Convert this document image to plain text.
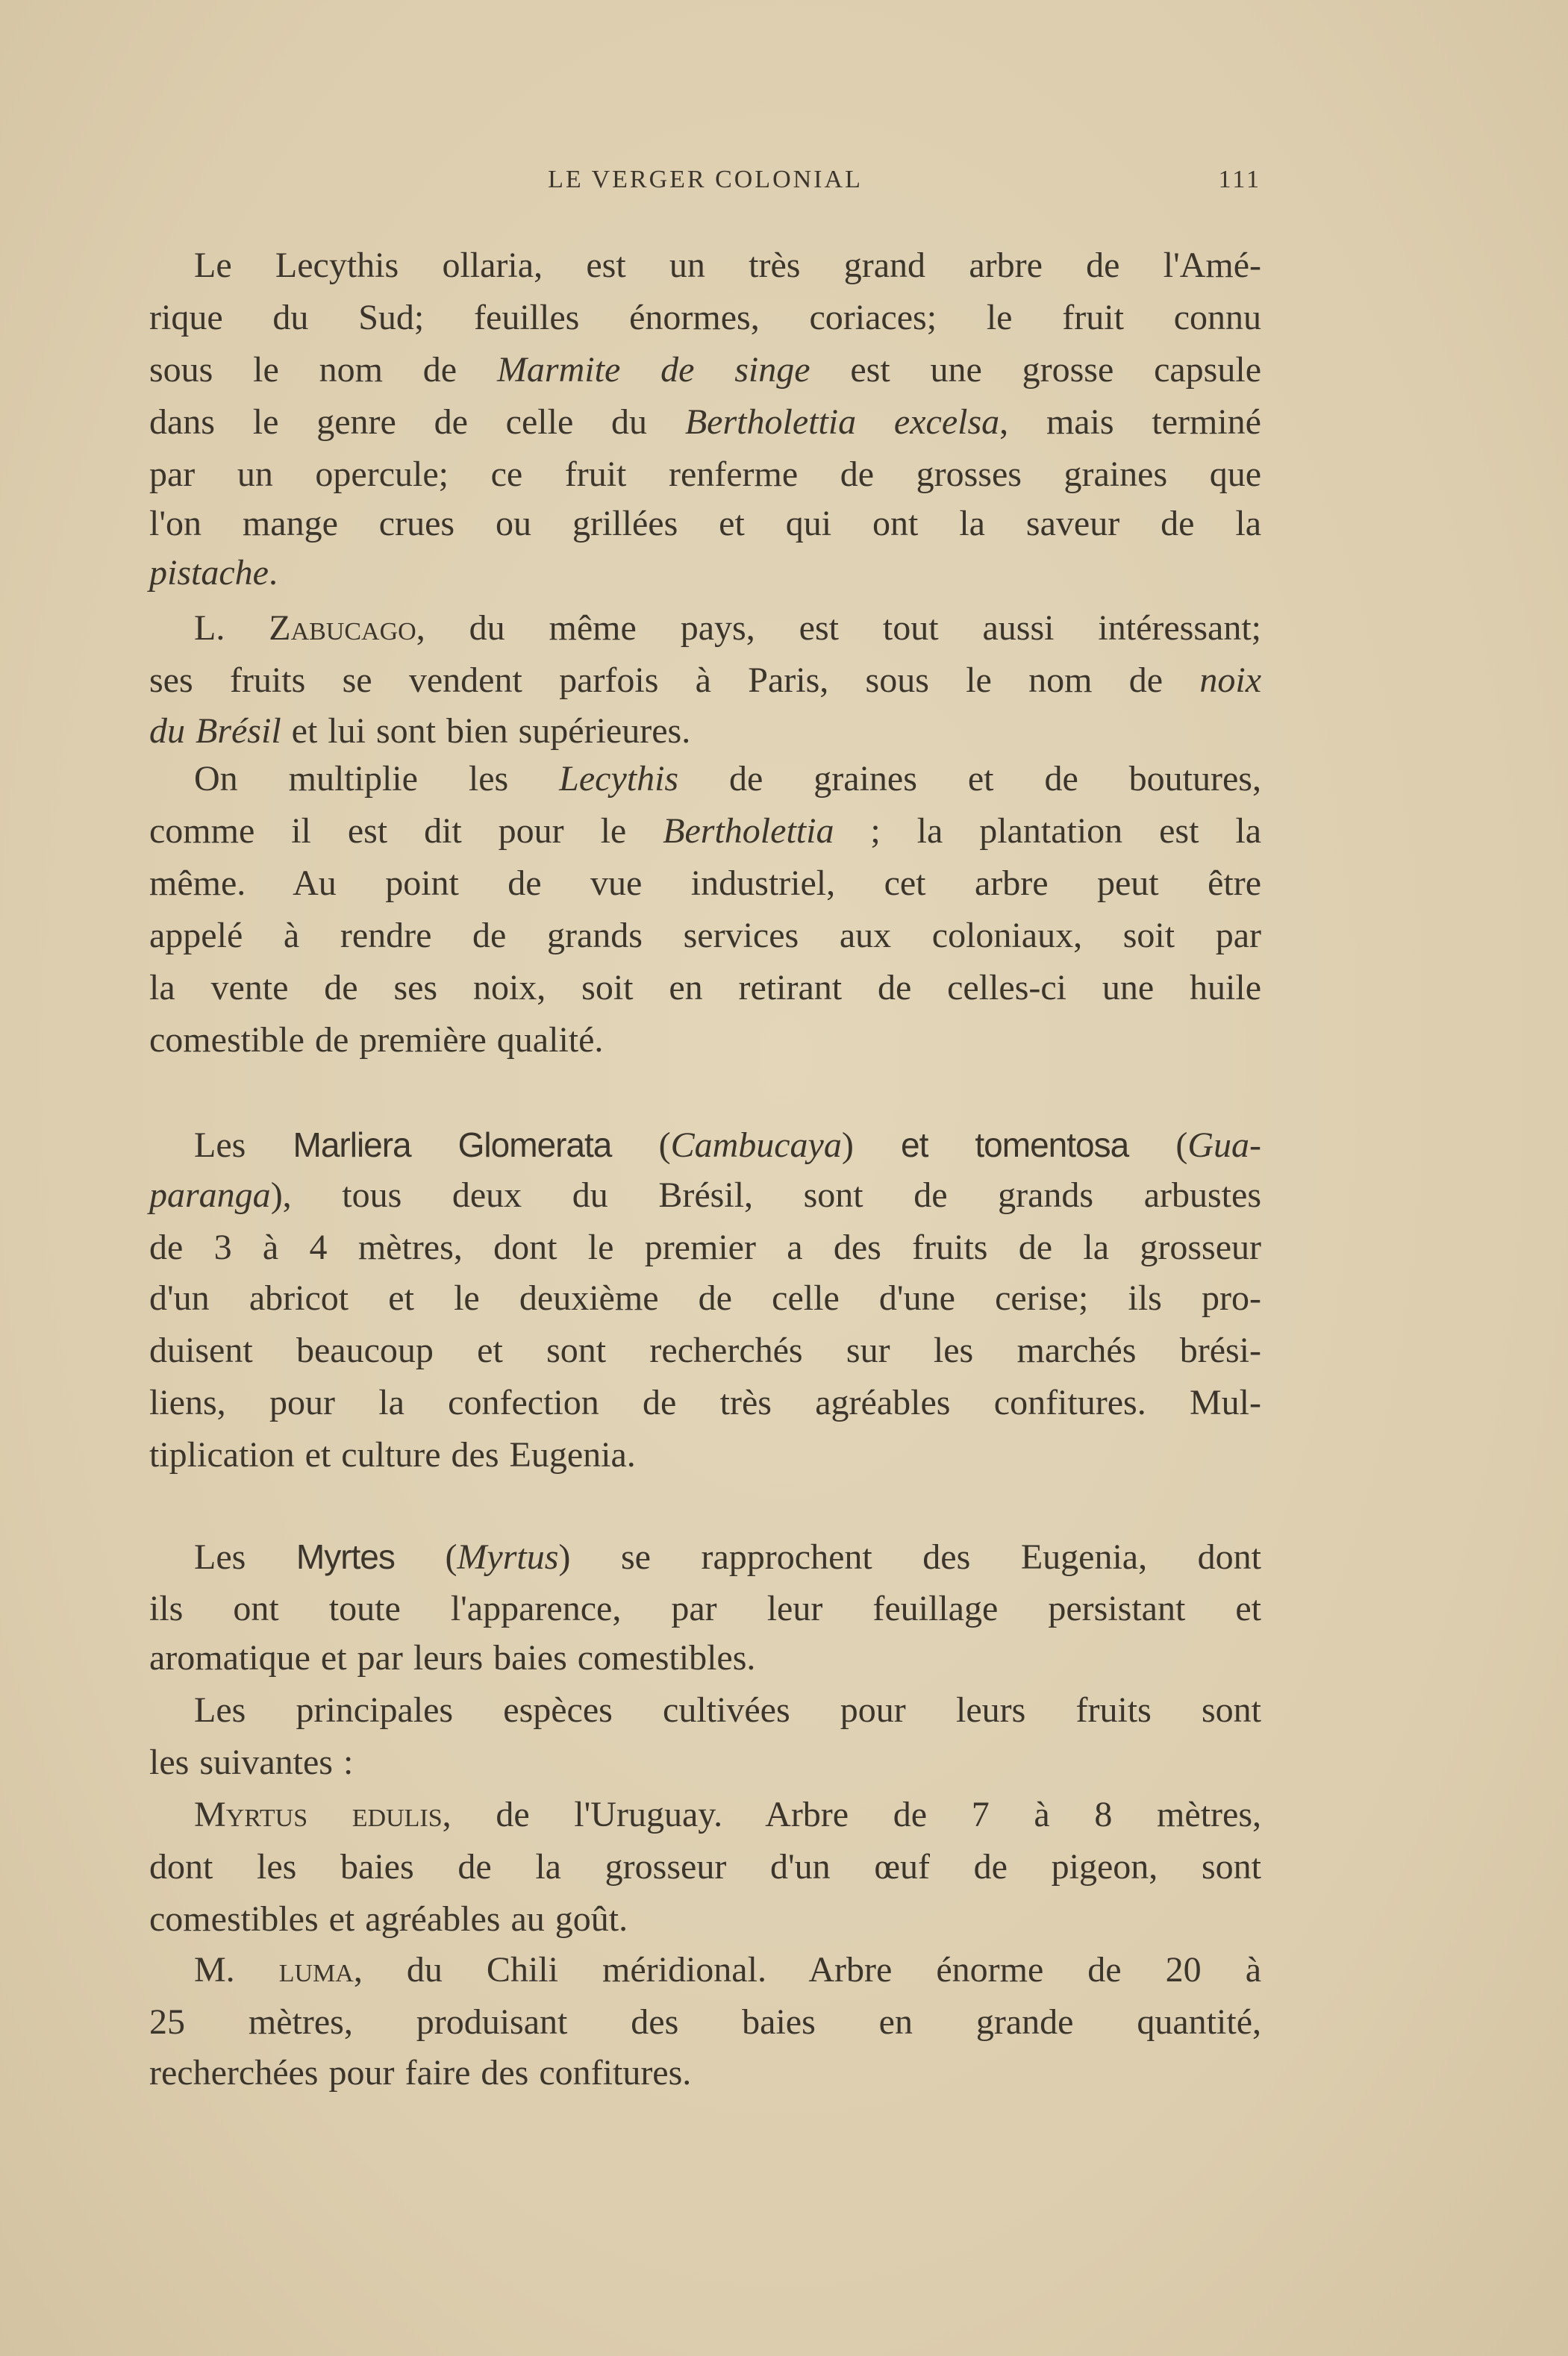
LE VERGER COLONIAL	111
Le Lecythis ollaria, est un très grand arbre de l'Amé-
rique du Sud; feuilles énormes, coriaces; le fruit connu
sous le nom de Marmite de singe est une grosse capsule
dans le genre de celle du Bertholettia excelsa, mais terminé
par un opercule; ce fruit renferme de grosses graines que
l'on mange crues ou grillées et qui ont la saveur de la
pistache.
L. Zabucago, du même pays, est tout aussi intéressant;
ses fruits se vendent parfois à Paris, sous le nom de noix
du Brésil et lui sont bien supérieures.
On multiplie les Lecythis de graines et de boutures,
comme il est dit pour le Bertholettia ; la plantation est la
même. Au point de vue industriel, cet arbre peut être
appelé à rendre de grands services aux coloniaux, soit par
la vente de ses noix, soit en retirant de celles-ci une huile
comestible de première qualité.
Les Marliera Glomerata (Cambucaya) et tomentosa (Gua-
paranga), tous deux du Brésil, sont de grands arbustes
de 3 à 4 mètres, dont le premier a des fruits de la grosseur
d'un abricot et le deuxième de celle d'une cerise; ils pro-
duisent beaucoup et sont recherchés sur les marchés brési-
liens, pour la confection de très agréables confitures. Mul-
tiplication et culture des Eugenia.
Les Myrtes (Myrtus) se rapprochent des Eugenia, dont
ils ont toute l'apparence, par leur feuillage persistant et
aromatique et par leurs baies comestibles.
Les principales espèces cultivées pour leurs fruits sont
les suivantes :
Myrtus edulis, de l'Uruguay. Arbre de 7 à 8 mètres,
dont les baies de la grosseur d'un œuf de pigeon, sont
comestibles et agréables au goût.
M. luma, du Chili méridional. Arbre énorme de 20 à
25 mètres, produisant des baies en grande quantité,
recherchées pour faire des confitures.
